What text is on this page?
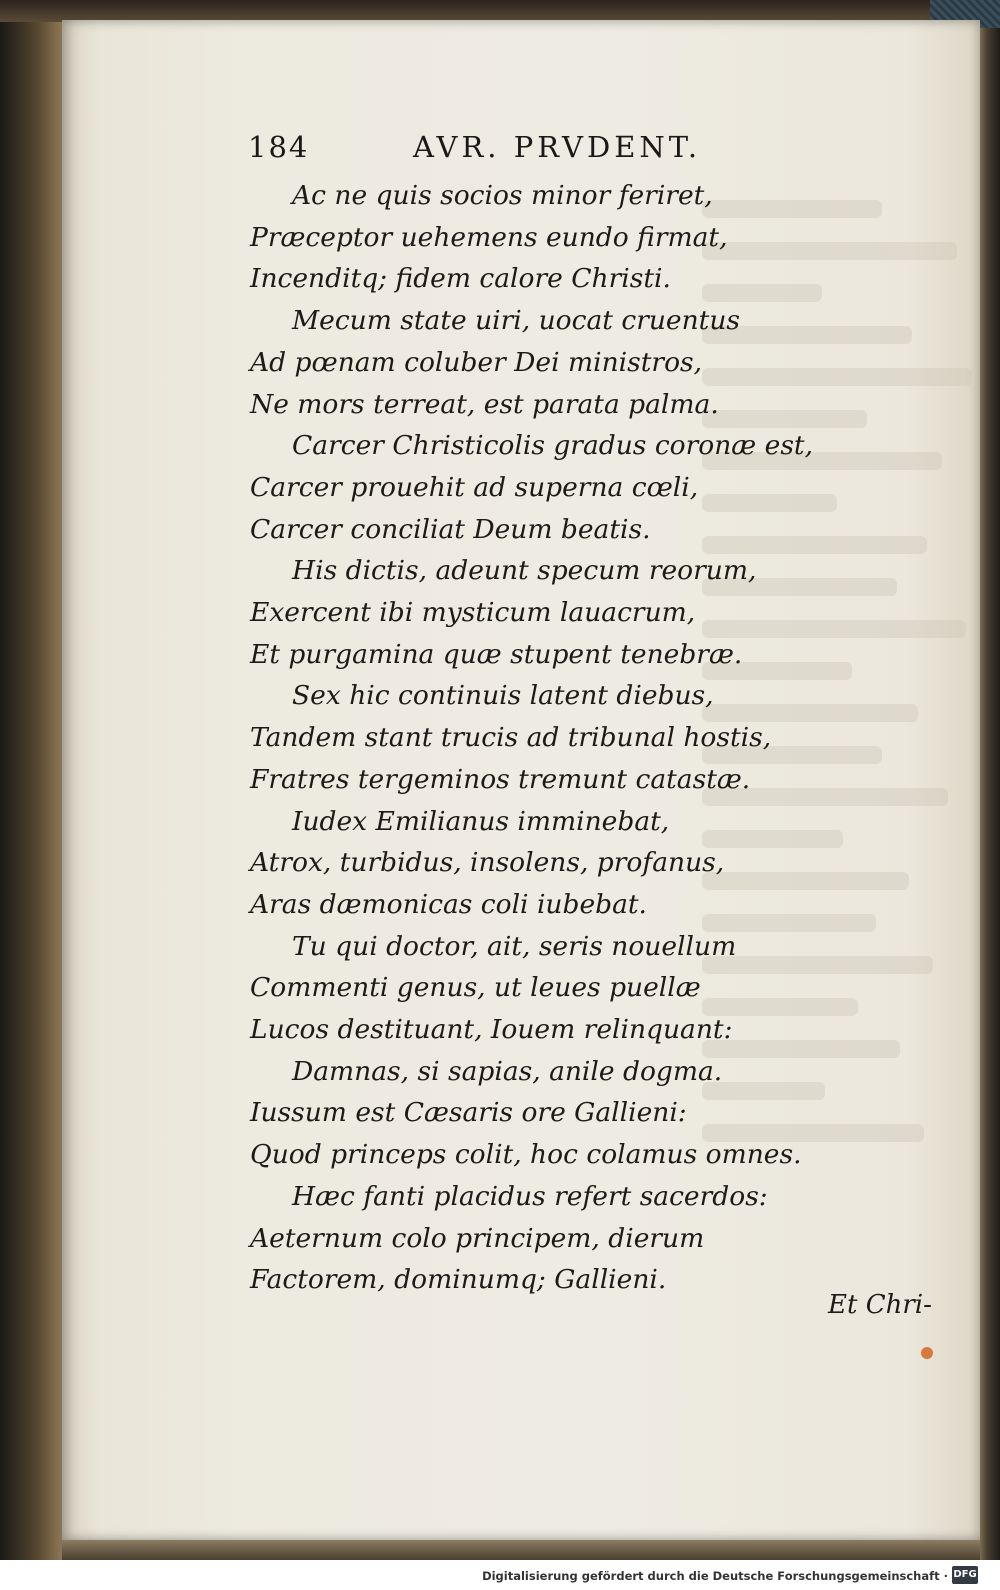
184	AVR. PRVDENT.
Ac ne quis socios minor feriret,
Præceptor uehemens eundo firmat,
Incenditq; fidem calore Christi.
Mecum state uiri, uocat cruentus
Ad pœnam coluber Dei ministros,
Ne mors terreat, est parata palma.
Carcer Christicolis gradus coronæ est,
Carcer prouehit ad superna cœli,
Carcer conciliat Deum beatis.
His dictis, adeunt specum reorum,
Exercent ibi mysticum lauacrum,
Et purgamina quæ stupent tenebræ.
Sex hic continuis latent diebus,
Tandem stant trucis ad tribunal hostis,
Fratres tergeminos tremunt catastæ.
Iudex Emilianus imminebat,
Atrox, turbidus, insolens, profanus,
Aras dæmonicas coli iubebat.
Tu qui doctor, ait, seris nouellum
Commenti genus, ut leues puellæ
Lucos destituant, Iouem relinquant:
Damnas, si sapias, anile dogma.
Iussum est Cæsaris ore Gallieni:
Quod princeps colit, hoc colamus omnes.
Hæc fanti placidus refert sacerdos:
Aeternum colo principem, dierum
Factorem, dominumq; Gallieni.
Et Chri-
Digitalisierung gefördert durch die Deutsche Forschungsgemeinschaft · DFG
